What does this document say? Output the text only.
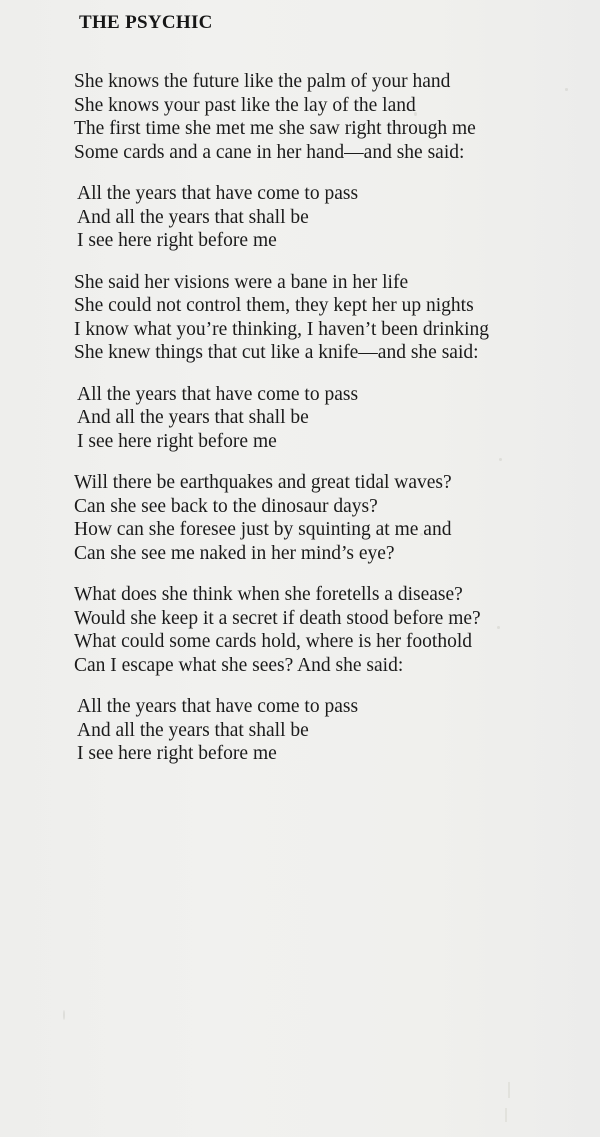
THE PSYCHIC
She knows the future like the palm of your hand
She knows your past like the lay of the land
The first time she met me she saw right through me
Some cards and a cane in her hand—and she said:
All the years that have come to pass
And all the years that shall be
I see here right before me
She said her visions were a bane in her life
She could not control them, they kept her up nights
I know what you’re thinking, I haven’t been drinking
She knew things that cut like a knife—and she said:
All the years that have come to pass
And all the years that shall be
I see here right before me
Will there be earthquakes and great tidal waves?
Can she see back to the dinosaur days?
How can she foresee just by squinting at me and
Can she see me naked in her mind’s eye?
What does she think when she foretells a disease?
Would she keep it a secret if death stood before me?
What could some cards hold, where is her foothold
Can I escape what she sees? And she said:
All the years that have come to pass
And all the years that shall be
I see here right before me
